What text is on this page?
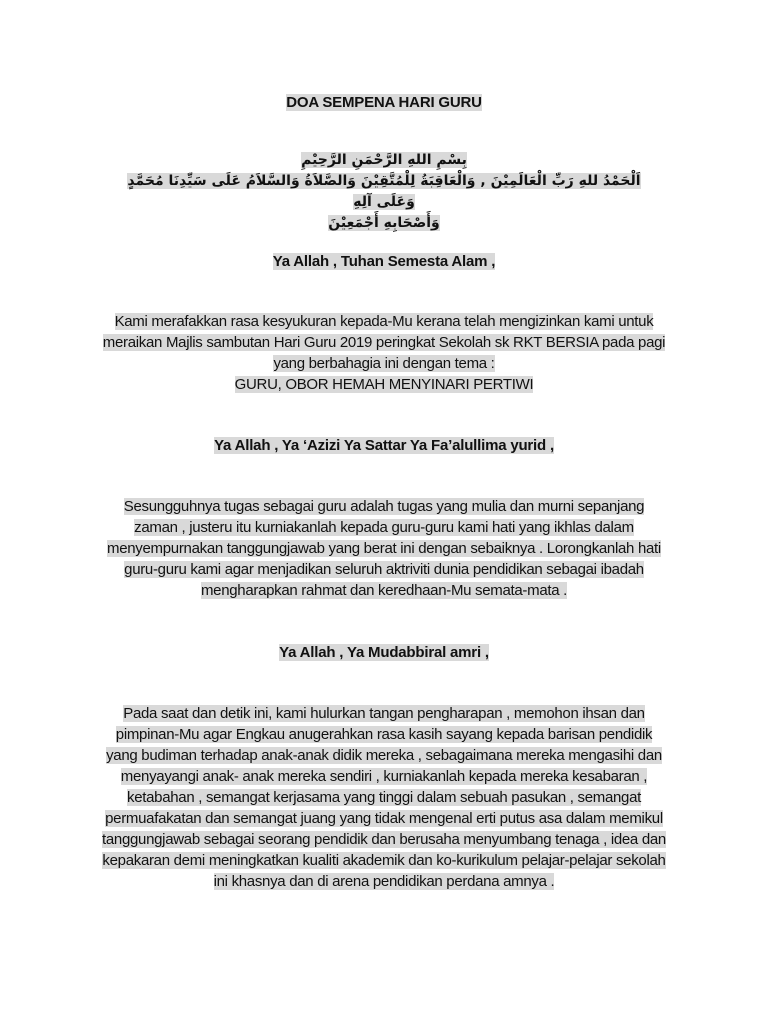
DOA SEMPENA HARI GURU
بِسْمِ اللهِ الرَّحْمَنِ الرَّحِيْمِ
اَلْحَمْدُ للهِ رَبِّ الْعَالَمِيْنَ , وَالْعَاقِبَةُ لِلْمُتَّقِيْنَ وَالصَّلاَةُ وَالسَّلاَمُ عَلَى سَيِّدِنَا مُحَمَّدٍ وَعَلَى آلِهِ
وَأَصْحَابِهِ أَجْمَعِيْنَ
Ya Allah , Tuhan Semesta Alam ,
Kami merafakkan rasa kesyukuran kepada-Mu kerana telah mengizinkan kami untuk
meraikan Majlis sambutan Hari Guru 2019 peringkat Sekolah sk RKT BERSIA pada pagi
yang berbahagia ini dengan tema :
GURU, OBOR HEMAH MENYINARI PERTIWI
Ya Allah , Ya ‘Azizi Ya Sattar Ya Fa’alullima yurid ,
Sesungguhnya tugas sebagai guru adalah tugas yang mulia dan murni sepanjang
zaman , justeru itu kurniakanlah kepada guru-guru kami hati yang ikhlas dalam
menyempurnakan tanggungjawab yang berat ini dengan sebaiknya . Lorongkanlah hati
guru-guru kami agar menjadikan seluruh aktriviti dunia pendidikan sebagai ibadah
mengharapkan rahmat dan keredhaan-Mu semata-mata .
Ya Allah , Ya Mudabbiral amri ,
Pada saat dan detik ini, kami hulurkan tangan pengharapan , memohon ihsan dan
pimpinan-Mu agar Engkau anugerahkan rasa kasih sayang kepada barisan pendidik
yang budiman terhadap anak-anak didik mereka , sebagaimana mereka mengasihi dan
menyayangi anak- anak mereka sendiri , kurniakanlah kepada mereka kesabaran ,
ketabahan , semangat kerjasama yang tinggi dalam sebuah pasukan , semangat
permuafakatan dan semangat juang yang tidak mengenal erti putus asa dalam memikul
tanggungjawab sebagai seorang pendidik dan berusaha menyumbang tenaga , idea dan
kepakaran demi meningkatkan kualiti akademik dan ko-kurikulum pelajar-pelajar sekolah
ini khasnya dan di arena pendidikan perdana amnya .
